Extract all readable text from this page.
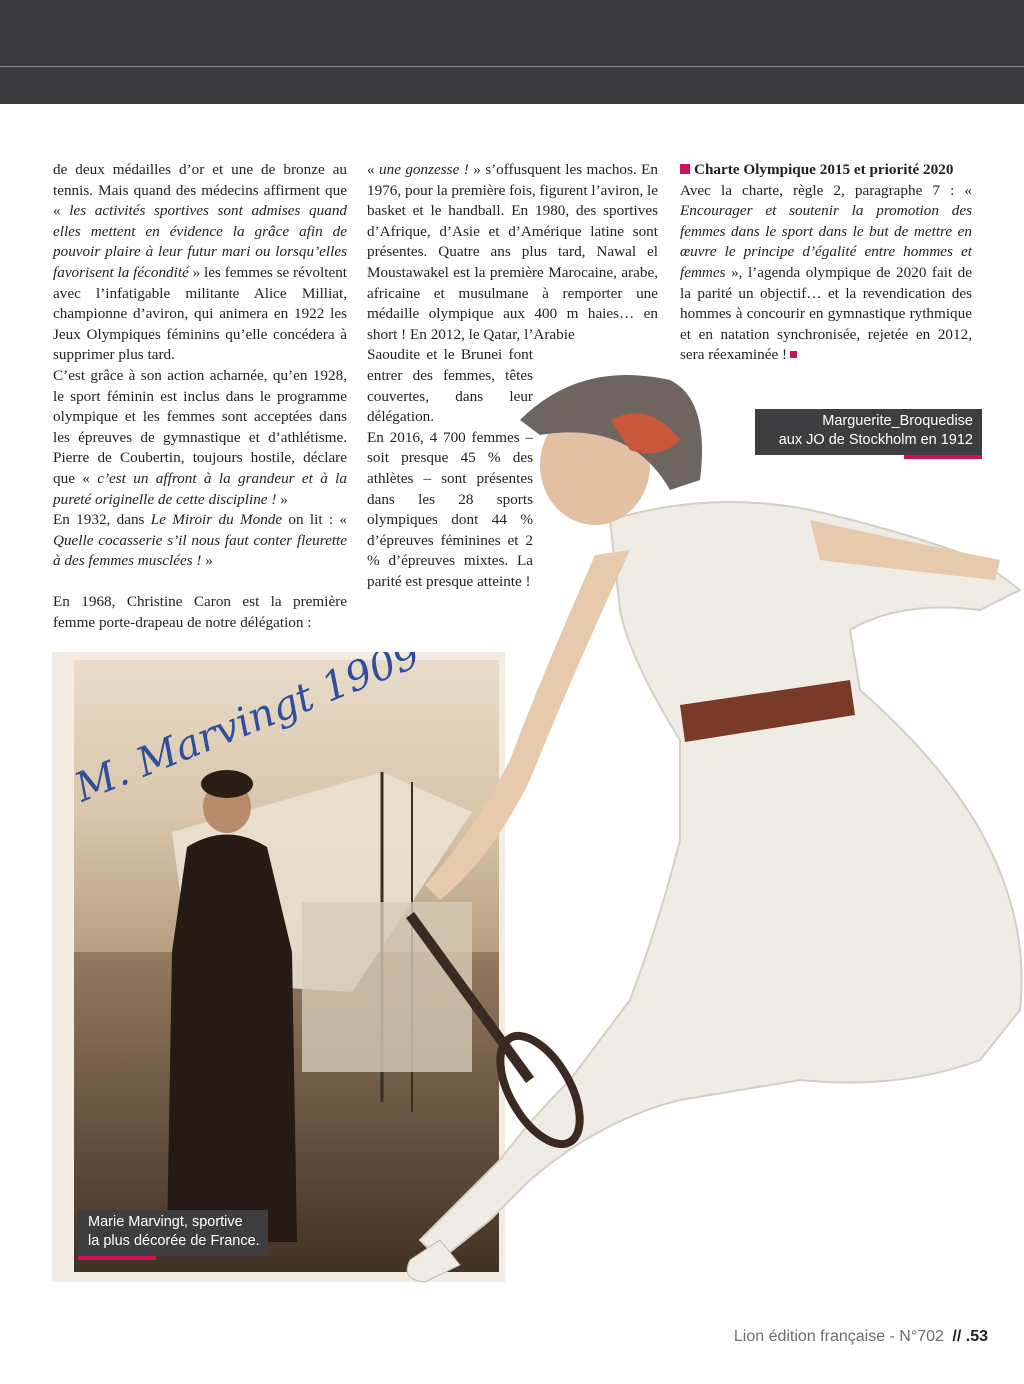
M. Marvingt 1909

de deux médailles d’or et une de bronze au tennis. Mais quand des médecins affirment que « les activités sportives sont admises quand elles mettent en évidence la grâce afin de pouvoir plaire à leur futur mari ou lorsqu’elles favorisent la fécondité » les femmes se révoltent avec l’infatigable militante Alice Milliat, championne d’aviron, qui animera en 1922 les Jeux Olympiques féminins qu’elle concédera à supprimer plus tard.

C’est grâce à son action acharnée, qu’en 1928, le sport féminin est inclus dans le programme olympique et les femmes sont acceptées dans les épreuves de gymnastique et d’athlétisme. Pierre de Coubertin, toujours hostile, déclare que « c’est un affront à la grandeur et à la pureté originelle de cette discipline ! »

En 1932, dans Le Miroir du Monde on lit : « Quelle cocasserie s’il nous faut conter fleurette à des femmes musclées ! »

En 1968, Christine Caron est la première femme porte-drapeau de notre délégation :

« une gonzesse ! » s’offusquent les machos. En 1976, pour la première fois, figurent l’aviron, le basket et le handball. En 1980, des sportives d’Afrique, d’Asie et d’Amérique latine sont présentes. Quatre ans plus tard, Nawal el Moustawakel est la première Marocaine, arabe, africaine et musulmane à remporter une médaille olympique aux 400 m haies… en short ! En 2012, le Qatar, l’Arabie

Saoudite et le Brunei font entrer des femmes, têtes couvertes, dans leur délégation.

En 2016, 4 700 femmes – soit presque 45 % des athlètes – sont présentes dans les 28 sports olympiques dont 44 % d’épreuves féminines et 2 % d’épreuves mixtes. La parité est presque atteinte !

Charte Olympique 2015 et priorité 2020

Avec la charte, règle 2, paragraphe 7 : « Encourager et soutenir la promotion des femmes dans le sport dans le but de mettre en œuvre le principe d’égalité entre hommes et femmes », l’agenda olympique de 2020 fait de la parité un objectif… et la revendication des hommes à concourir en gymnastique rythmique et en natation synchronisée, rejetée en 2012, sera réexaminée !

Marguerite_Broquedise
aux JO de Stockholm en 1912
Marie Marvingt, sportive
la plus décorée de France.
Lion édition française - N°702 // .53
